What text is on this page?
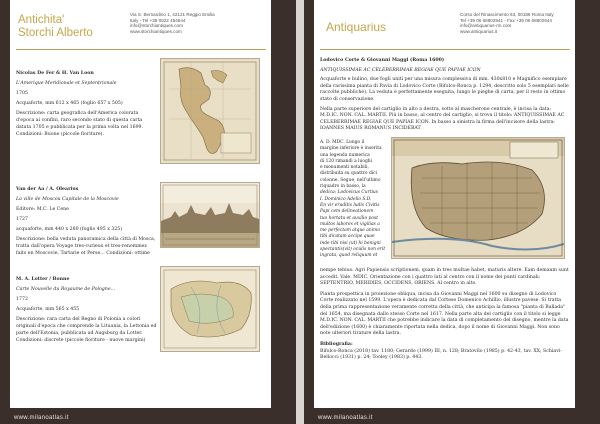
Antichita'
Storchi Alberto
Via S. Bernardino 1, 42121 Reggio Emilia
Italy - Tel +39 0522 454644
info@storchiantiques.com
www.storchiantiques.com

Nicolas De Fer & H. Van Loon

L'Amerique Meridionale et Septentrionale

1705

Acquaforte, mm 612 x 465 (foglio 657 x 505)

Descrizione: carta geografica dell'America colorata d'epoca ai confini, raro secondo stato di questa carta datata 1705 e pubblicata per la prima volta nel 1699. Condizioni: Buone (piccole fioriture).

Van der Aa / A. Olearius

La ville de Moscou Capitale de la Moscovie

Editore: M.C. Le Cene

1727

acquaforte, mm 440 x 280 (foglio 495 x 325)

Descrizione: bella veduta panoramica della città di Mosca, tratta dall'opera Voyage tres-curieux et tres-renommez faits en Moscovie, Tartarie et Perse... Condizioni: ottime

M. A. Lotter / Bonne

Carte Nouvelle du Royaume de Pologne...

1772

Acquaforte, mm 565 x 455

Descrizione: rara carta del Regno di Polonia a colori originali d'epoca che comprende la Lituania, la Lettonia ed parte dell'Estonia, pubblicata ad Augsburg da Lotter. Condizioni: discrete (piccole fioriture - nuove margini)

www.milanoatlas.it
Antiquarius
Corso del Rinascimento 63, 00186 Roma Italy
Tel +39 06 68802941 - Fax +39 06 68802944
info@antiquarius-rm.com
www.antiquarius.it

Lodovico Corte & Giovanni Maggi (Roma 1600)

ANTIQUISSIMAE AC CELEBERRIMAE REGIAE QUE PAPIAE ICON

Acquaforte e bulino, due fogli uniti per una misura complessiva di mm. 430x810 e Magnifico esemplare della rarissima pianta di Pavia di Lodovico Corte (Bifolco-Ronca p. 1294, descritto solo 5 esemplari nelle raccolte pubbliche). La veduta è perfettamente eseguita, lungo le pieghe di carta, per il resto in ottimo stato di conservazione.

Nella parte superiore del cartiglio in alto a destra, sotto al mascherone centrale, è incisa la data: M.D.IC. NON. CAL. MARTII. Più in basso, al centro del cartiglio, si trova il titolo: ANTIQUISSIMAE AC CELEBERRIMAE REGIAE QUE PAPIAE ICON. In basso a sinistra la firma dell'incisore della lastra: IOANNES MAIUS ROMANUS INCIDEBAT

A. D. MDC. Lungo il
margine inferiore è inserita
una legenda numerica
di 120 rimandi a luoghi
e monumenti notabili,
distribuita su quattro dici
colonne. Segue, nell'ultimo
riquadro in basso, la
dedica: Lodovicus Curtius
I. Dominico Adelio S.D.
En vir eruditis ludis Civitis
Papi cem delineationem
tuo hortatu et auxilio post
multos labores et vigilias a
me perfectam atque animo
tibi dicatam accipe quae
inde tibi nisi (ut) hi benigni
spectantis(vit) oculis non erit
ingrata, quod reliquum et

nempe tebius. Agri Papiensis scriptionem, quam in tres multae habet, maturis altere. Eam demaum sunt accedit. Vale. MDIC. Orientazione con i quattro lati al centro con il nome dei punti cardinali: SEPTENTRIO, MERIDIES, OCCIDENS, ORIENS. Al centro in alto.

Pianta prospettica in proiezione obliqua, incisa da Giovanni Maggi nel 1600 su disegno di Lodovico Corte realizzato nel 1599. L'opera è dedicata dal Cortese Domenico Achillio, illustre pavese. Si tratta della prima rappresentazione veramente corretta della città, che anticipa la famosa "pianta di Ballada" del 1654, ma disegnata dallo stesso Corte nel 1617. Nella parte alta del cartiglio con il titolo si legge M.D.IC. NON. CAL. MARTII che potrebbe indicare la data di completamento del disegno, mentre la data dell'edizione (1600) è chiaramente riportata nella dedica, dopo il nome di Giovanni Maggi. Non sono note ulteriori tirature della lastra.

Bibliografia:

Bifolco-Ronca (2018) tav. 1180; Gerardo (1999) III, n. 128; Bratovilo (1985) p. 42-43, tav. XX; Schiavi-Bellocci (1931) p. 24; Tooley (1983) p. 443.

www.milanoatlas.it
